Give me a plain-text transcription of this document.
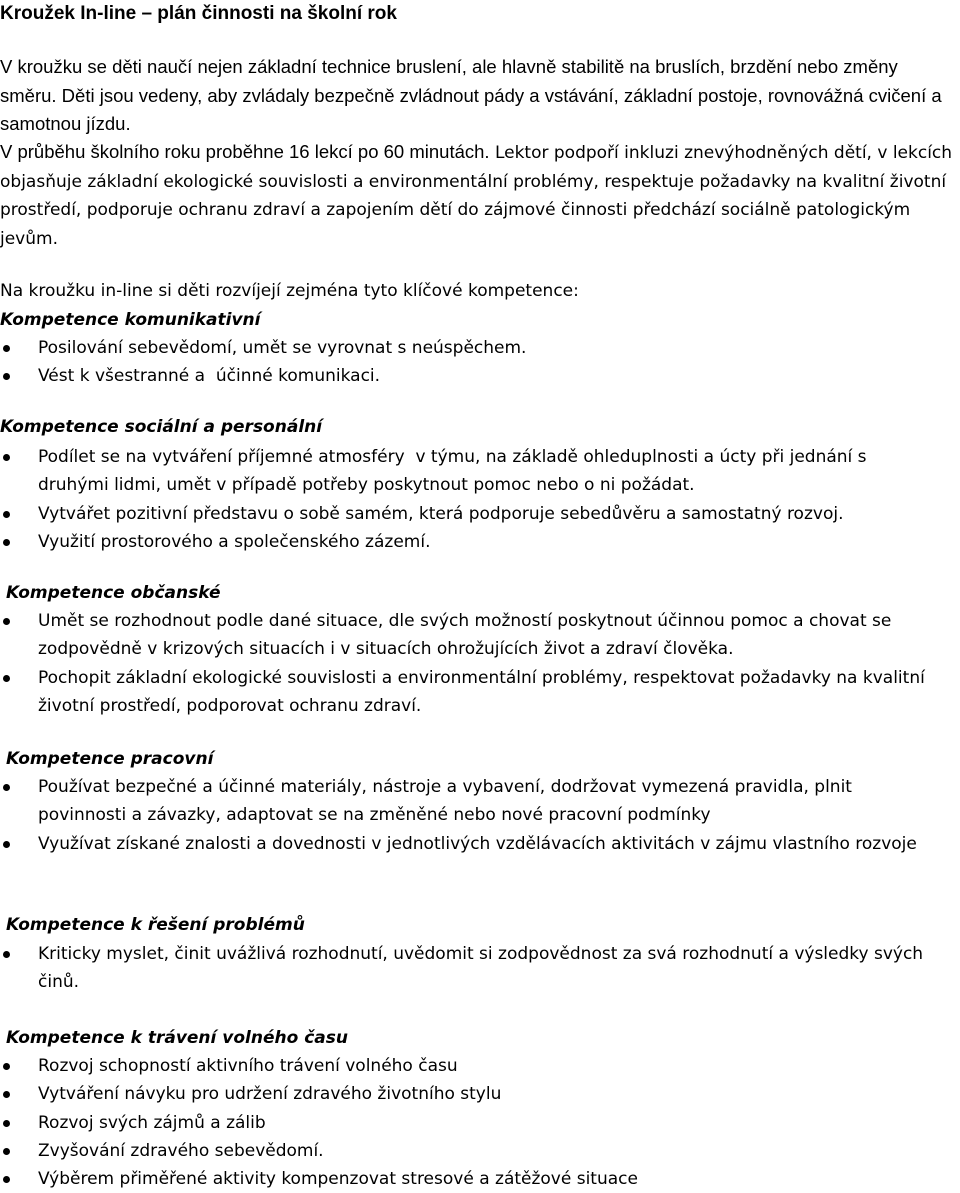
Kroužek In-line – plán činnosti na školní rok

V kroužku se děti naučí nejen základní technice bruslení, ale hlavně stabilitě na bruslích, brzdění nebo změny směru. Děti jsou vedeny, aby zvládaly bezpečně zvládnout pády a vstávání, základní postoje, rovnovážná cvičení a samotnou jízdu.

V průběhu školního roku proběhne 16 lekcí po 60 minutách. Lektor podpoří inkluzi znevýhodněných dětí, v lekcích objasňuje základní ekologické souvislosti a environmentální problémy, respektuje požadavky na kvalitní životní prostředí, podporuje ochranu zdraví a zapojením dětí do zájmové činnosti předchází sociálně patologickým jevům.

Na kroužku in-line si děti rozvíjejí zejména tyto klíčové kompetence:

Kompetence komunikativní
Posilování sebevědomí, umět se vyrovnat s neúspěchem.
Vést k všestranné a  účinné komunikaci.
Kompetence sociální a personální
Podílet se na vytváření příjemné atmosféry  v týmu, na základě ohleduplnosti a úcty při jednání s druhými lidmi, umět v případě potřeby poskytnout pomoc nebo o ni požádat.
Vytvářet pozitivní představu o sobě samém, která podporuje sebedůvěru a samostatný rozvoj.
Využití prostorového a společenského zázemí.
Kompetence občanské
Umět se rozhodnout podle dané situace, dle svých možností poskytnout účinnou pomoc a chovat se zodpovědně v krizových situacích i v situacích ohrožujících život a zdraví člověka.
Pochopit základní ekologické souvislosti a environmentální problémy, respektovat požadavky na kvalitní životní prostředí, podporovat ochranu zdraví.
Kompetence pracovní
Používat bezpečné a účinné materiály, nástroje a vybavení, dodržovat vymezená pravidla, plnit povinnosti a závazky, adaptovat se na změněné nebo nové pracovní podmínky
Využívat získané znalosti a dovednosti v jednotlivých vzdělávacích aktivitách v zájmu vlastního rozvoje
Kompetence k řešení problémů
Kriticky myslet, činit uvážlivá rozhodnutí, uvědomit si zodpovědnost za svá rozhodnutí a výsledky svých činů.
Kompetence k trávení volného času
Rozvoj schopností aktivního trávení volného času
Vytváření návyku pro udržení zdravého životního stylu
Rozvoj svých zájmů a zálib
Zvyšování zdravého sebevědomí.
Výběrem přiměřené aktivity kompenzovat stresové a zátěžové situace
